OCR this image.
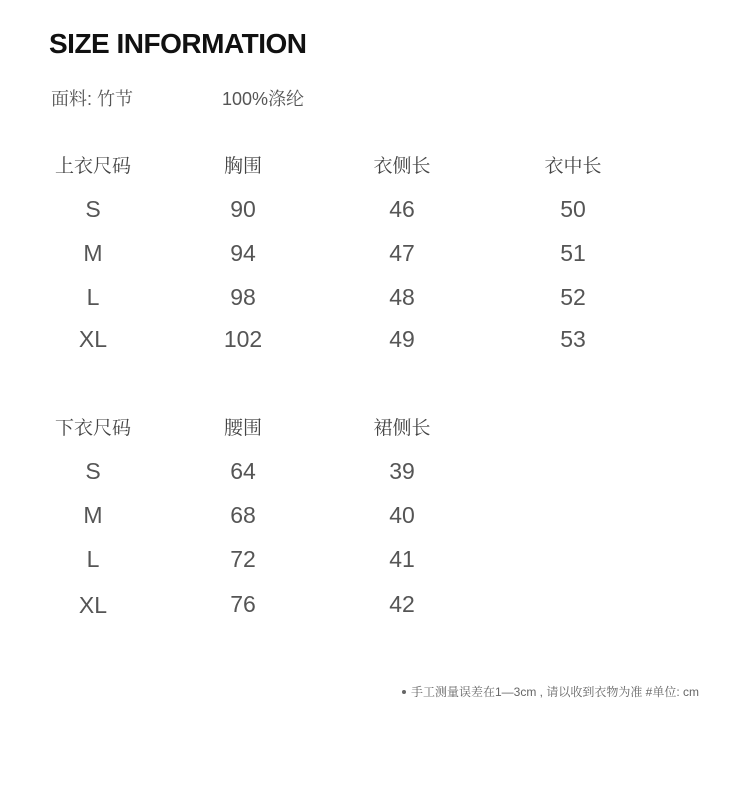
SIZE INFORMATION
面料: 竹节	100%涤纶
上衣尺码	胸围	衣侧长	衣中长
S	90	46	50
M	94	47	51
L	98	48	52
XL	102	49	53
下衣尺码	腰围	裙侧长
S	64	39
M	68	40
L	72	41
XL	76	42
手工测量误差在1—3cm , 请以收到衣物为准 #单位: cm
